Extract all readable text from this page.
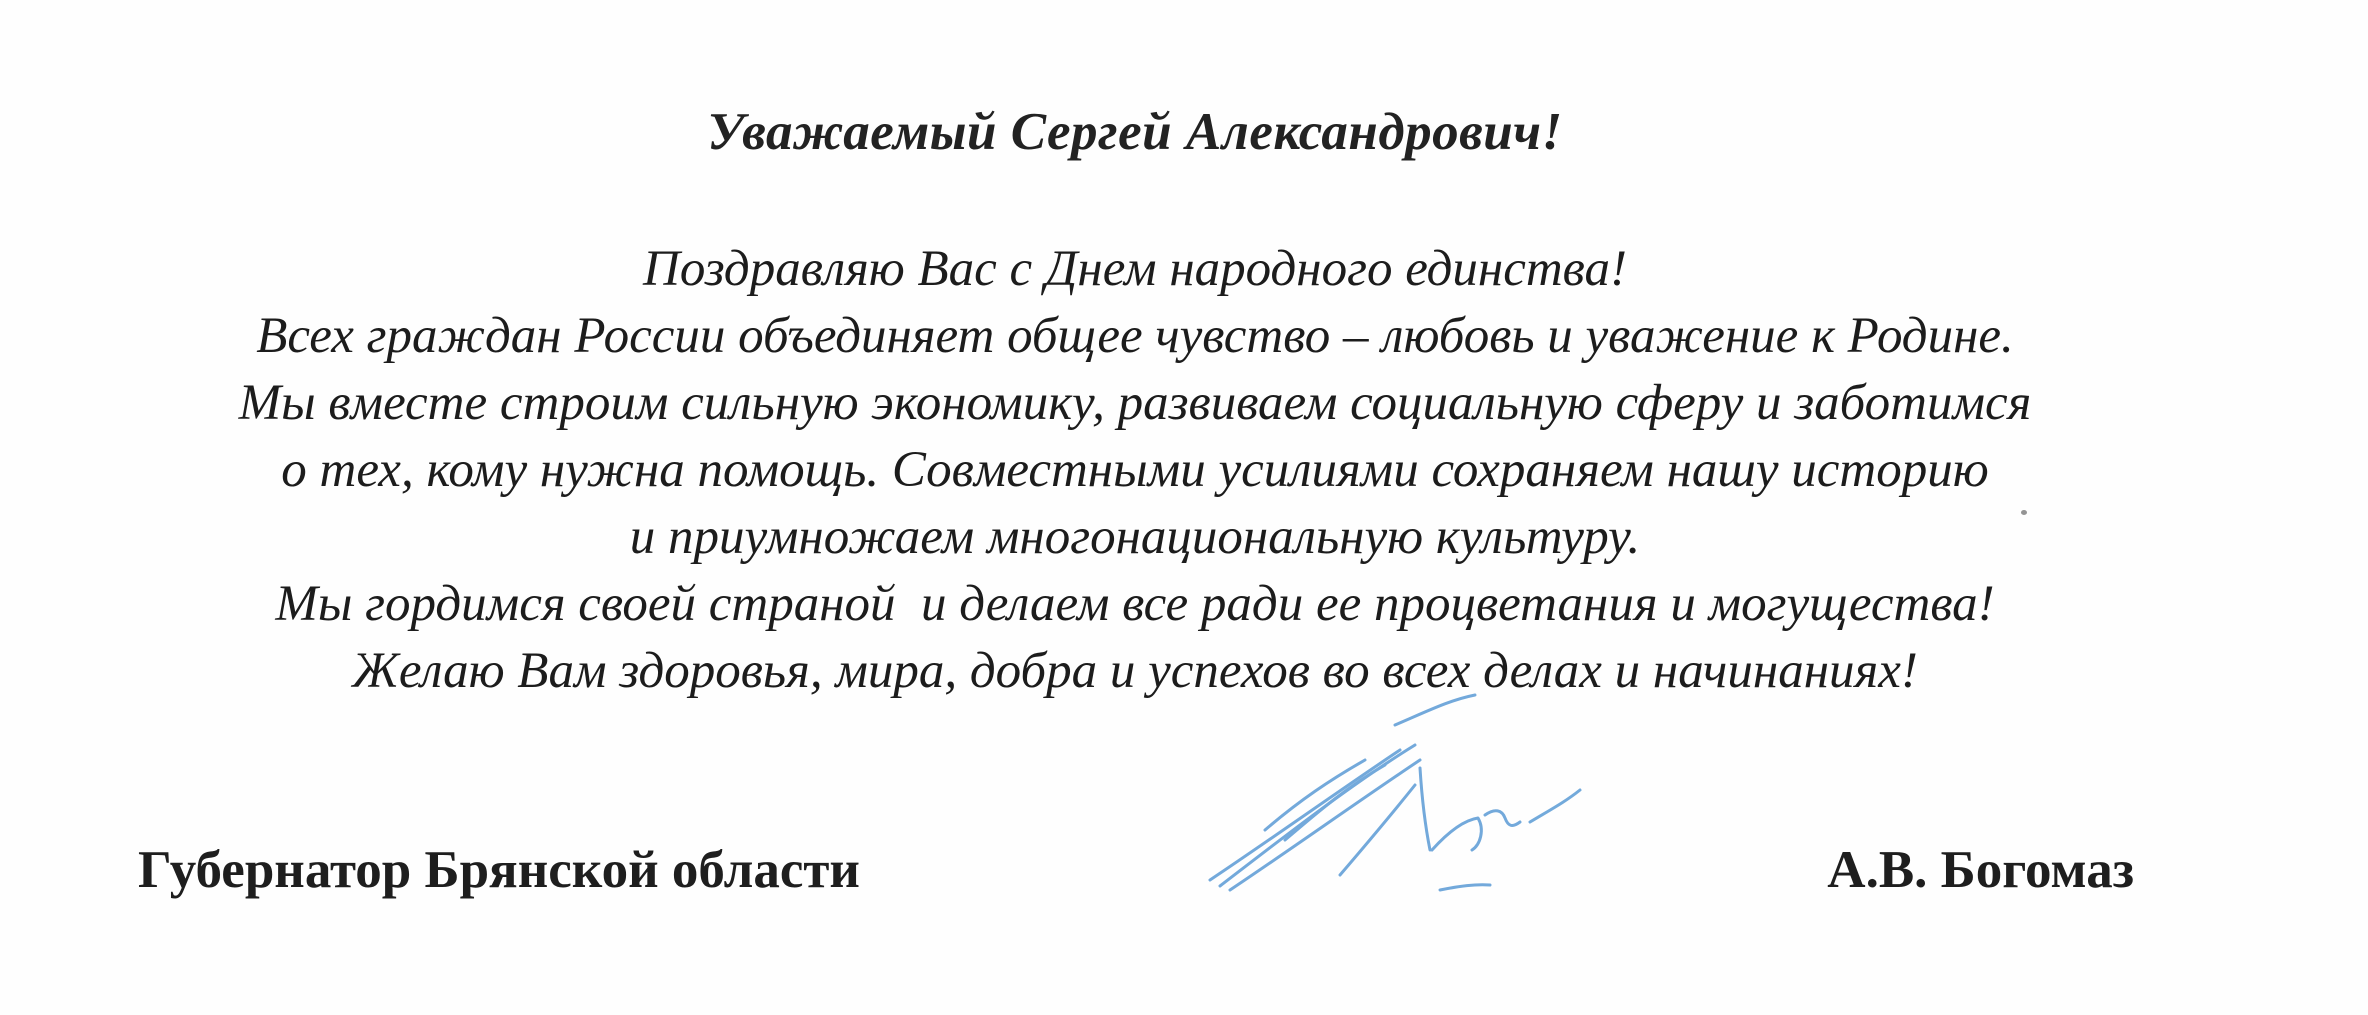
Уважаемый Сергей Александрович!
Поздравляю Вас с Днем народного единства!
Всех граждан России объединяет общее чувство – любовь и уважение к Родине.
Мы вместе строим сильную экономику, развиваем социальную сферу и заботимся
о тех, кому нужна помощь. Совместными усилиями сохраняем нашу историю
и приумножаем многонациональную культуру.
Мы гордимся своей страной  и делаем все ради ее процветания и могущества!
Желаю Вам здоровья, мира, добра и успехов во всех делах и начинаниях!
Губернатор Брянской области	А.В. Богомаз
